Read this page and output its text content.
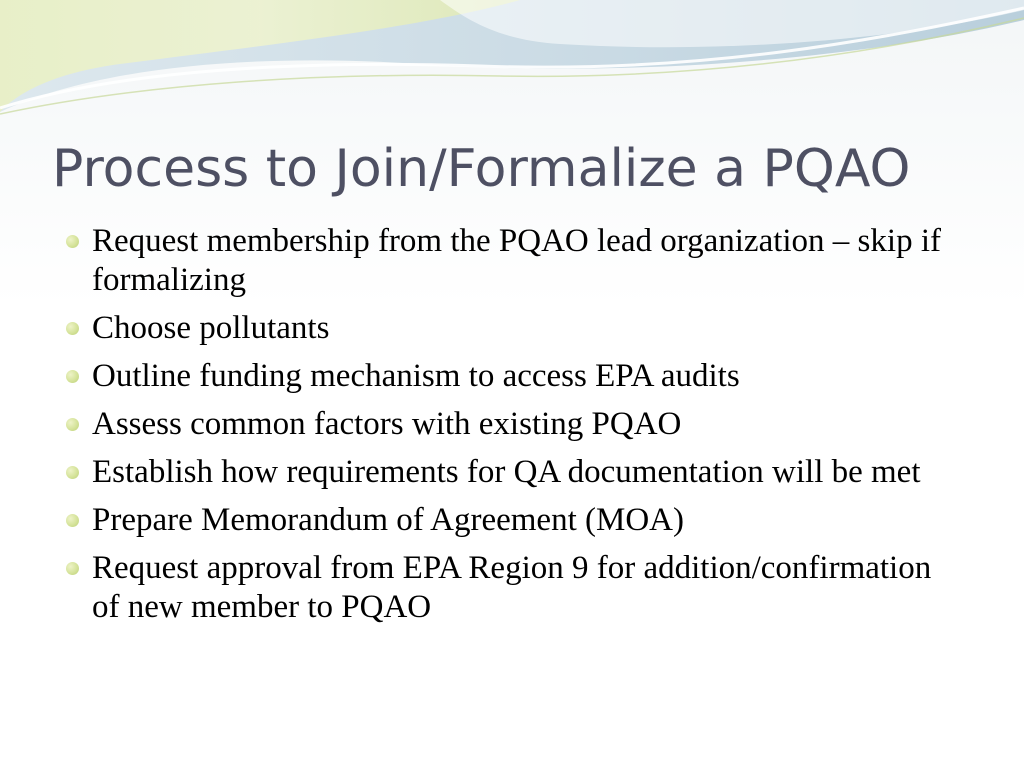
Process to Join/Formalize a PQAO
Request membership from the PQAO lead organization – skip if formalizing
Choose pollutants
Outline funding mechanism to access EPA audits
Assess common factors with existing PQAO
Establish how requirements for QA documentation will be met
Prepare Memorandum of Agreement (MOA)
Request approval from EPA Region 9 for addition/confirmation of new member to PQAO
